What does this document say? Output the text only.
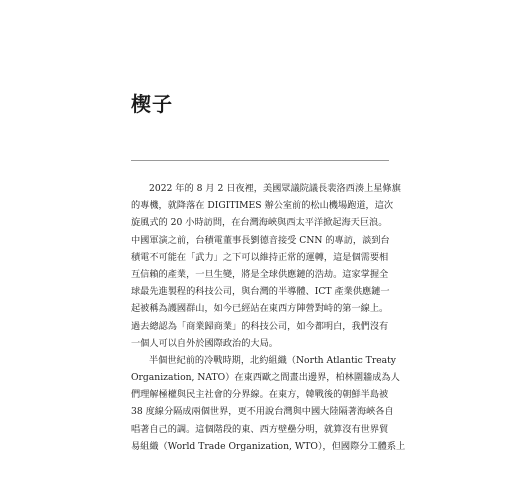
楔子
2022 年的 8 月 2 日夜裡，美國眾議院議長裴洛西湊上星條旗
的專機，就降落在 DIGITIMES 辦公室前的松山機場跑道，這次
旋風式的 20 小時訪問，在台灣海峽與西太平洋掀起海天巨浪。
中國軍演之前，台積電董事長劉德音接受 CNN 的專訪，談到台
積電不可能在「武力」之下可以維持正常的運轉，這是個需要相
互信賴的產業，一旦生變，將是全球供應鏈的浩劫。這家掌握全
球最先進製程的科技公司，與台灣的半導體、ICT 產業供應鏈一
起被稱為護國群山，如今已經站在東西方陣營對峙的第一線上。
過去總認為「商業歸商業」的科技公司，如今都明白，我們沒有
一個人可以自外於國際政治的大局。
半個世紀前的冷戰時期，北約組織（North Atlantic Treaty
Organization, NATO）在東西歐之間畫出邊界，柏林圍牆成為人
們理解極權與民主社會的分界線。在東方，韓戰後的朝鮮半島被
38 度線分隔成兩個世界，更不用說台灣與中國大陸隔著海峽各自
唱著自己的調。這個階段的東、西方壁壘分明，就算沒有世界貿
易組織（World Trade Organization, WTO），但國際分工體系上
